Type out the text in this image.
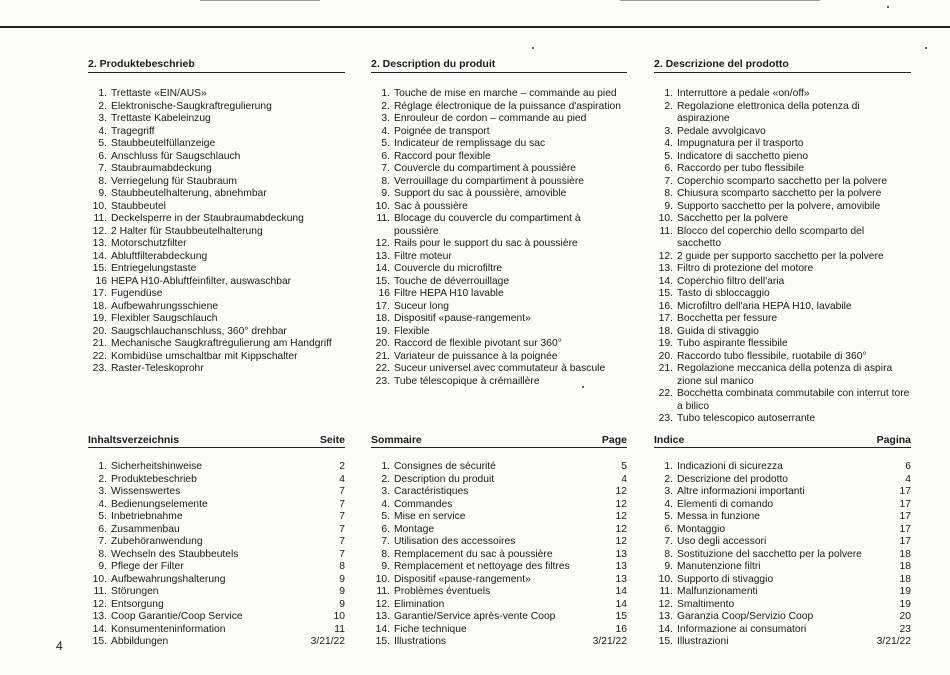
2. Produktebeschrieb
1. Trettaste «EIN/AUS»
2. Elektronische-Saugkraftregulierung
3. Trettaste Kabeleinzug
4. Tragegriff
5. Staubbeutelfüllanzeige
6. Anschluss für Saugschlauch
7. Staubraumabdeckung
8. Verriegelung für Staubraum
9. Staubbeutelhalterung, abnehmbar
10. Staubbeutel
11. Deckelsperre in der Staubraumabdeckung
12. 2 Halter für Staubbeutelhalterung
13. Motorschutzfilter
14. Abluftfilterabdeckung
15. Entriegelungstaste
16 HEPA H10-Abluftfeinfilter, auswaschbar
17. Fugendüse
18. Aufbewahrungsschiene
19. Flexibler Saugschlauch
20. Saugschlauchanschluss, 360° drehbar
21. Mechanische Saugkraftregulierung am Handgriff
22. Kombidüse umschaltbar mit Kippschalter
23. Raster-Teleskoprohr
2. Description du produit
1. Touche de mise en marche – commande au pied
2. Réglage électronique de la puissance d'aspiration
3. Enrouleur de cordon – commande au pied
4. Poignée de transport
5. Indicateur de remplissage du sac
6. Raccord pour flexible
7. Couvercle du compartiment à poussière
8. Verrouillage du compartiment à poussière
9. Support du sac à poussière, amovible
10. Sac à poussière
11. Blocage du couvercle du compartiment à poussière
12. Rails pour le support du sac à poussière
13. Filtre moteur
14. Couvercle du microfiltre
15. Touche de déverrouillage
16 Filtre HEPA H10 lavable
17. Suceur long
18. Dispositif «pause-rangement»
19. Flexible
20. Raccord de flexible pivotant sur 360°
21. Variateur de puissance à la poignée
22. Suceur universel avec commutateur à bascule
23. Tube télescopique à crémaillère
2. Descrizione del prodotto
1. Interruttore a pedale «on/off»
2. Regolazione elettronica della potenza di aspirazione
3. Pedale avvolgicavo
4. Impugnatura per il trasporto
5. Indicatore di sacchetto pieno
6. Raccordo per tubo flessibile
7. Coperchio scomparto sacchetto per la polvere
8. Chiusura scomparto sacchetto per la polvere
9. Supporto sacchetto per la polvere, amovibile
10. Sacchetto per la polvere
11. Blocco del coperchio dello scomparto del sacchetto
12. 2 guide per supporto sacchetto per la polvere
13. Filtro di protezione del motore
14. Coperchio filtro dell'aria
15. Tasto di sbloccaggio
16. Microfiltro dell'aria HEPA H10, lavabile
17. Bocchetta per fessure
18. Guida di stivaggio
19. Tubo aspirante flessibile
20. Raccordo tubo flessibile, ruotabile di 360°
21. Regolazione meccanica della potenza di aspira zione sul manico
22. Bocchetta combinata commutabile con interrut tore a bilico
23. Tubo telescopico autoserrante
Inhaltsverzeichnis	Seite
1. Sicherheitshinweise	2
2. Produktebeschrieb	4
3. Wissenswertes	7
4. Bedienungselemente	7
5. Inbetriebnahme	7
6. Zusammenbau	7
7. Zubehöranwendung	7
8. Wechseln des Staubbeutels	7
9. Pflege der Filter	8
10. Aufbewahrungshalterung	9
11. Störungen	9
12. Entsorgung	9
13. Coop Garantie/Coop Service	10
14. Konsumenteninformation	11
15. Abbildungen	3/21/22
Sommaire	Page
1. Consignes de sécurité	5
2. Description du produit	4
3. Caractéristiques	12
4. Commandes	12
5. Mise en service	12
6. Montage	12
7. Utilisation des accessoires	12
8. Remplacement du sac à poussière	13
9. Remplacement et nettoyage des filtres	13
10. Dispositif «pause-rangement»	13
11. Problèmes éventuels	14
12. Elimination	14
13. Garantie/Service après-vente Coop	15
14. Fiche technique	16
15. Illustrations	3/21/22
Indice	Pagina
1. Indicazioni di sicurezza	6
2. Descrizione del prodotto	4
3. Altre informazioni importanti	17
4. Elementi di comando	17
5. Messa in funzione	17
6. Montaggio	17
7. Uso degli accessori	17
8. Sostituzione del sacchetto per la polvere	18
9. Manutenzione filtri	18
10. Supporto di stivaggio	18
11. Malfunzionamenti	19
12. Smaltimento	19
13. Garanzia Coop/Servizio Coop	20
14. Informazione ai consumatori	23
15. Illustrazioni	3/21/22
4
